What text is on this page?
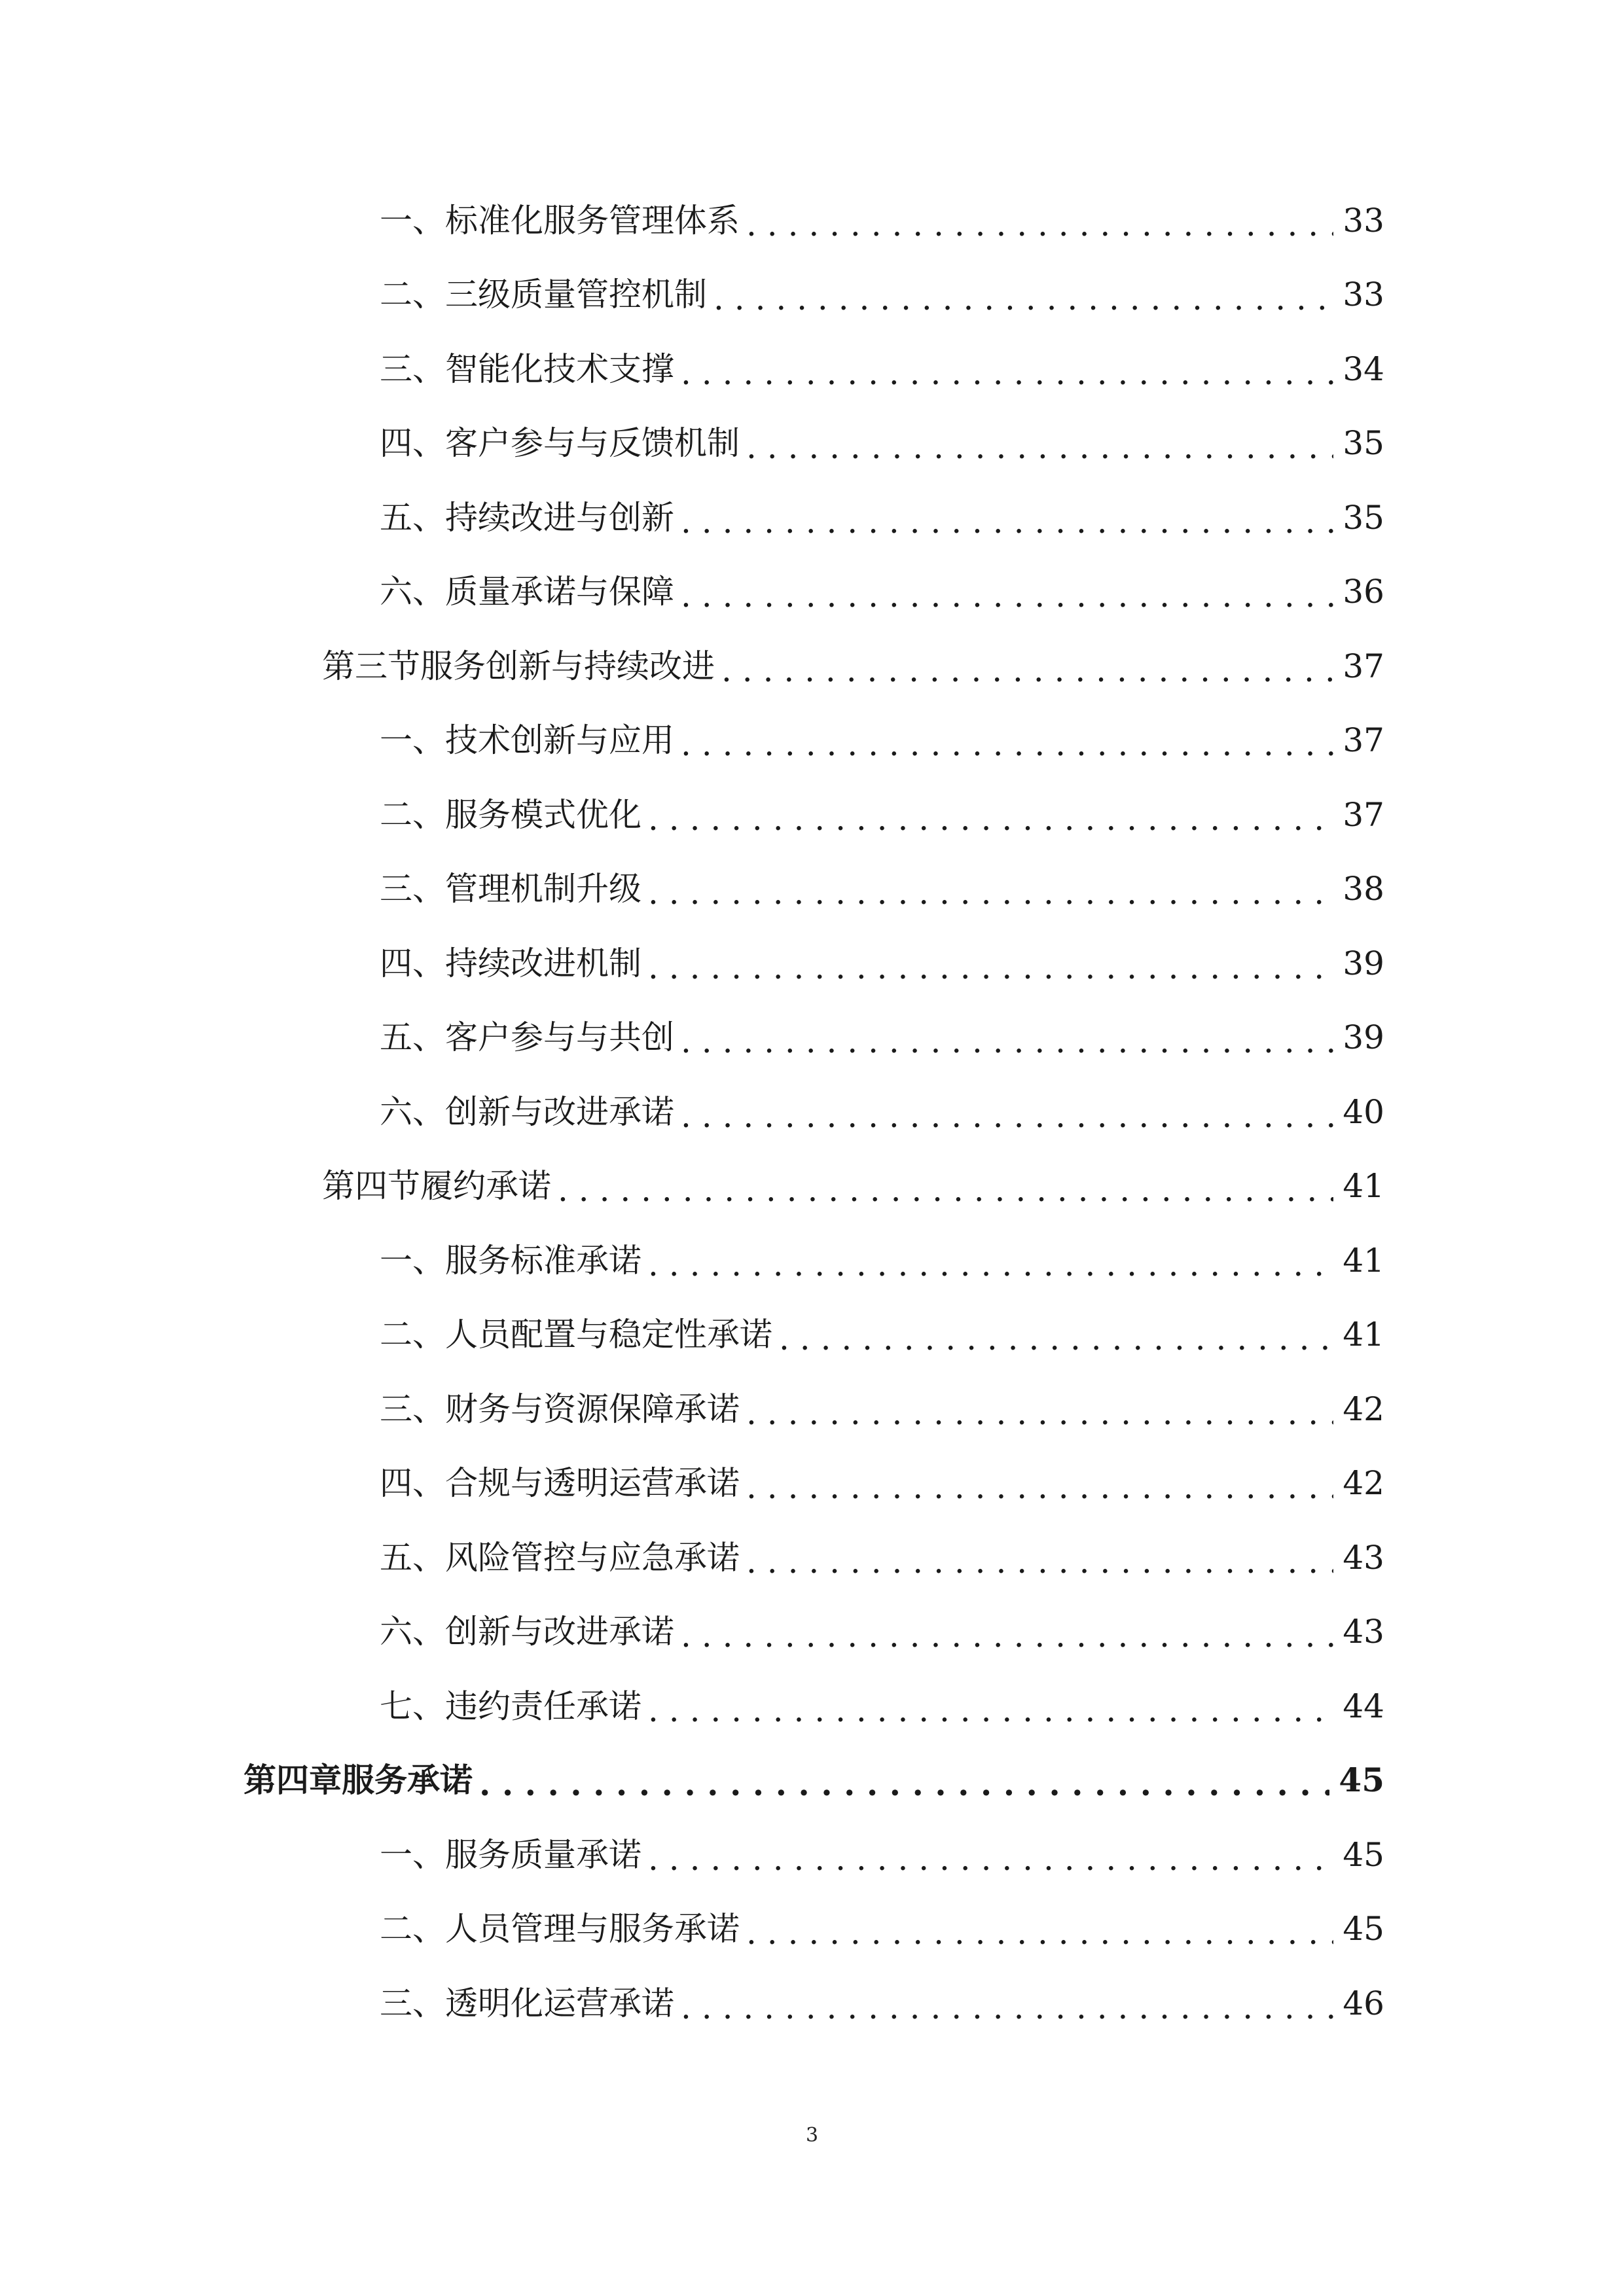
一、 标准化服务管理体系 . . .	33
二、 三级质量管控机制 . . .	33
三、 智能化技术支撑 . . .	34
四、 客户参与与反馈机制 . . .	35
五、 持续改进与创新 . . .	35
六、 质量承诺与保障 . . .	36
第三节 服务创新与持续改进 . . .	37
一、 技术创新与应用 . . .	37
二、 服务模式优化 . . .	37
三、 管理机制升级 . . .	38
四、 持续改进机制 . . .	39
五、 客户参与与共创 . . .	39
六、 创新与改进承诺 . . .	40
第四节 履约承诺 . . .	41
一、 服务标准承诺 . . .	41
二、 人员配置与稳定性承诺 . . .	41
三、 财务与资源保障承诺 . . .	42
四、 合规与透明运营承诺 . . .	42
五、 风险管控与应急承诺 . . .	43
六、 创新与改进承诺 . . .	43
七、 违约责任承诺 . . .	44
第四章 服务承诺 . . .	45
一、 服务质量承诺 . . .	45
二、 人员管理与服务承诺 . . .	45
三、 透明化运营承诺 . . .	46
3
